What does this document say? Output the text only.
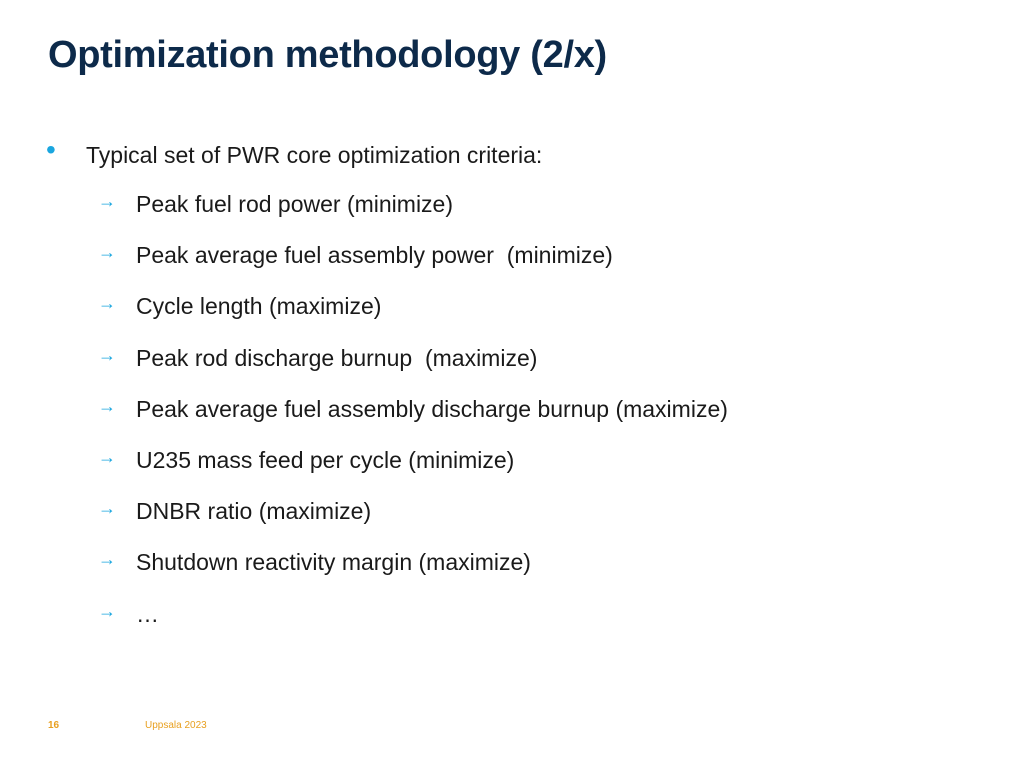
Optimization methodology (2/x)
•	Typical set of PWR core optimization criteria:
→ Peak fuel rod power (minimize)
→ Peak average fuel assembly power  (minimize)
→ Cycle length (maximize)
→ Peak rod discharge burnup  (maximize)
→ Peak average fuel assembly discharge burnup (maximize)
→ U235 mass feed per cycle (minimize)
→ DNBR ratio (maximize)
→ Shutdown reactivity margin (maximize)
→ …
16	Uppsala 2023
